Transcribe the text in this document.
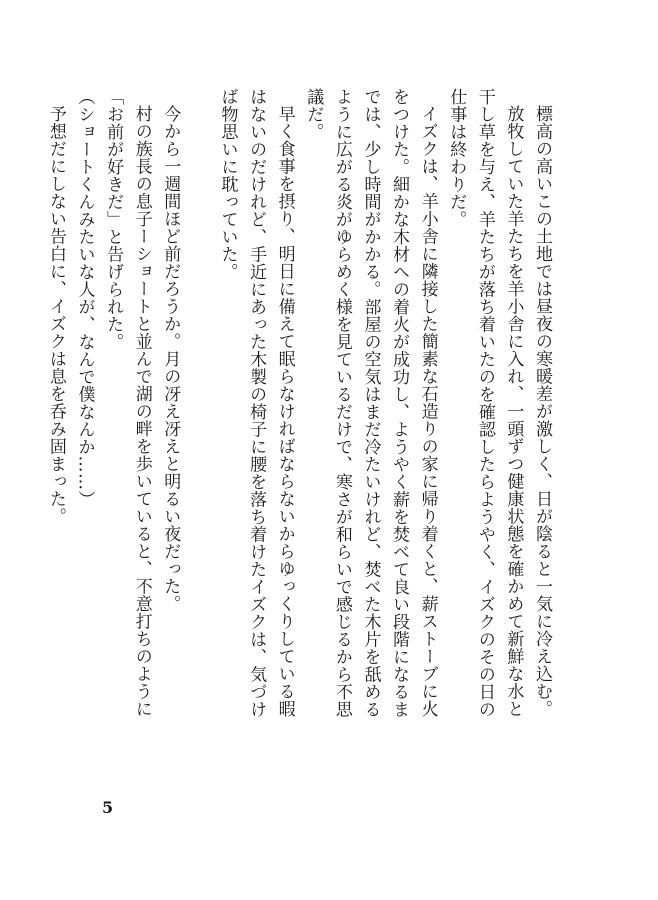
標高の高いこの土地では昼夜の寒暖差が激しく、日が陰ると一気に冷え込む。

放牧していた羊たちを羊小舎に入れ、一頭ずつ健康状態を確かめて新鮮な水と干し草を与え、羊たちが落ち着いたのを確認したらようやく、イズクのその日の仕事は終わりだ。

イズクは、羊小舎に隣接した簡素な石造りの家に帰り着くと、薪ストーブに火をつけた。細かな木材への着火が成功し、ようやく薪を焚べて良い段階になるまでは、少し時間がかかる。部屋の空気はまだ冷たいけれど、焚べた木片を舐めるように広がる炎がゆらめく様を見ているだけで、寒さが和らいで感じるから不思議だ。

早く食事を摂り、明日に備えて眠らなければならないからゆっくりしている暇はないのだけれど、手近にあった木製の椅子に腰を落ち着けたイズクは、気づけば物思いに耽っていた。

今から一週間ほど前だろうか。月の冴え冴えと明るい夜だった。

村の族長の息子ーショートと並んで湖の畔を歩いていると、不意打ちのように「お前が好きだ」と告げられた。

（ショートくんみたいな人が、なんで僕なんか……）

予想だにしない告白に、イズクは息を呑み固まった。

5
